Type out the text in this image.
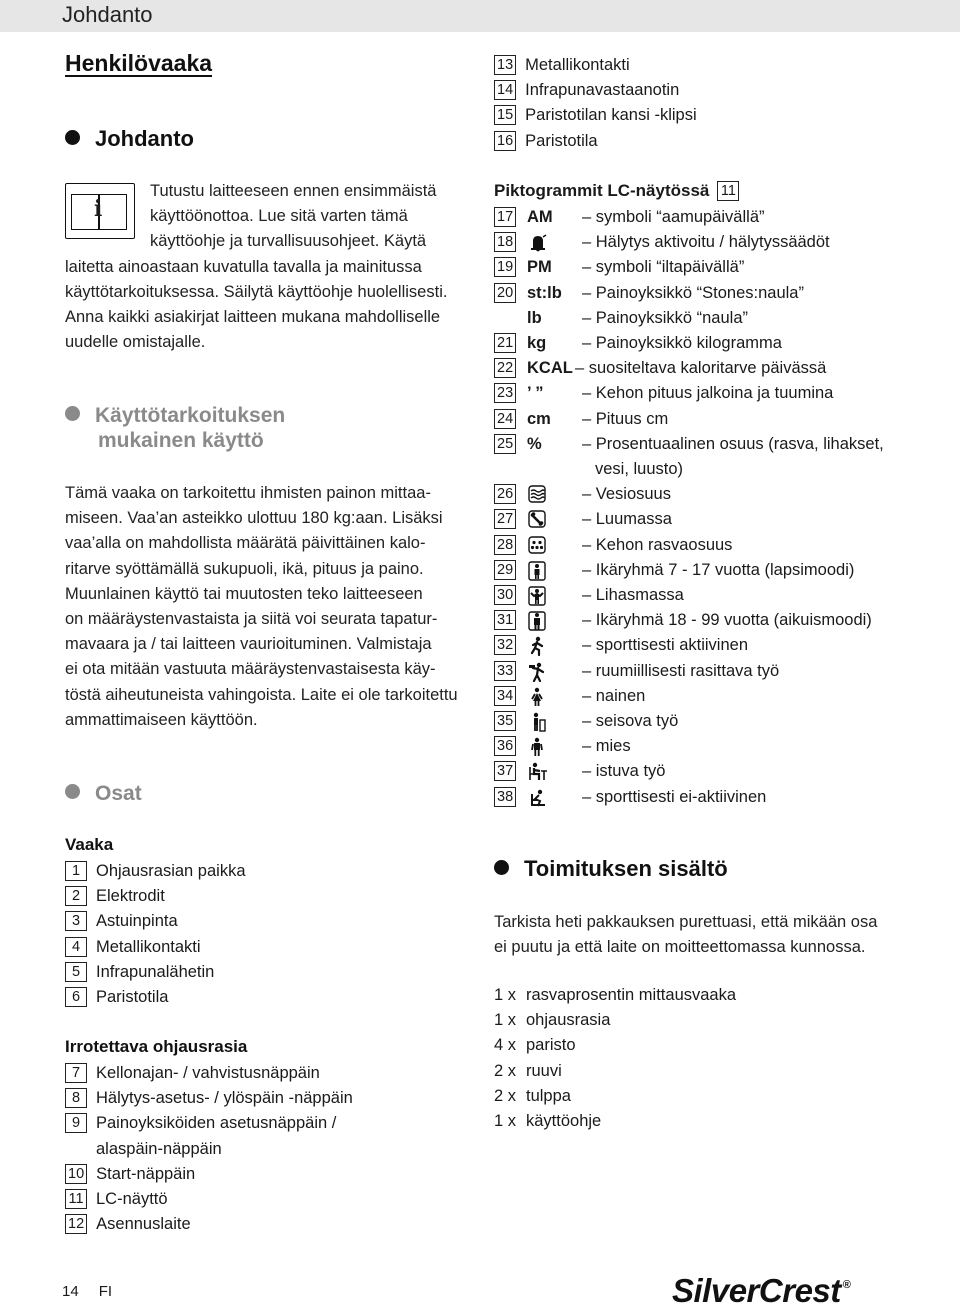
Johdanto
Henkilövaaka
Johdanto
i
Tutustu laitteeseen ennen ensimmäistä
käyttöönottoa. Lue sitä varten tämä
käyttöohje ja turvallisuusohjeet. Käytä
laitetta ainoastaan kuvatulla tavalla ja mainitussa
käyttötarkoituksessa. Säilytä käyttöohje huolellisesti.
Anna kaikki asiakirjat laitteen mukana mahdolliselle
uudelle omistajalle.
Käyttötarkoituksen
mukainen käyttö
Tämä vaaka on tarkoitettu ihmisten painon mittaa-
miseen. Vaa’an asteikko ulottuu 180 kg:aan. Lisäksi
vaa’alla on mahdollista määrätä päivittäinen kalo-
ritarve syöttämällä sukupuoli, ikä, pituus ja paino.
Muunlainen käyttö tai muutosten teko laitteeseen
on määräystenvastaista ja siitä voi seurata tapatur-
mavaara ja / tai laitteen vaurioituminen. Valmistaja
ei ota mitään vastuuta määräystenvastaisesta käy-
töstä aiheutuneista vahingoista. Laite ei ole tarkoitettu
ammattimaiseen käyttöön.
Osat
Vaaka
1 Ohjausrasian paikka
2 Elektrodit
3 Astuinpinta
4 Metallikontakti
5 Infrapunalähetin
6 Paristotila
Irrotettava ohjausrasia
7 Kellonajan- / vahvistusnäppäin
8 Hälytys-asetus- / ylöspäin -näppäin
9 Painoyksiköiden asetusnäppäin /
alaspäin-näppäin
10 Start-näppäin
11 LC-näyttö
12 Asennuslaite
13 Metallikontakti
14 Infrapunavastaanotin
15 Paristotilan kansi -klipsi
16 Paristotila
Piktogrammit LC-näytössä 11
17 AM – symboli “aamupäivällä”
18	– Hälytys aktivoitu / hälytyssäädöt
19 PM – symboli “iltapäivällä”
20 st:lb – Painoyksikkö “Stones:naula”
lb – Painoyksikkö “naula”
21 kg – Painoyksikkö kilogramma
22 KCAL – suositeltava kaloritarve päivässä
23 ’ ” – Kehon pituus jalkoina ja tuumina
24 cm – Pituus cm
25 % – Prosentuaalinen osuus (rasva, lihakset,
vesi, luusto)
26	– Vesiosuus
27	– Luumassa
28	– Kehon rasvaosuus
29	– Ikäryhmä 7 - 17 vuotta (lapsimoodi)
30	– Lihasmassa
31	– Ikäryhmä 18 - 99 vuotta (aikuismoodi)
32	– sporttisesti aktiivinen
33	– ruumiillisesti rasittava työ
34	– nainen
35	– seisova työ
36	– mies
37	– istuva työ
38	– sporttisesti ei-aktiivinen
Toimituksen sisältö
Tarkista heti pakkauksen purettuasi, että mikään osa
ei puutu ja että laite on moitteettomassa kunnossa.
1 x rasvaprosentin mittausvaaka
1 x ohjausrasia
4 x paristo
2 x ruuvi
2 x tulppa
1 x käyttöohje
14 FI	SilverCrest ®
